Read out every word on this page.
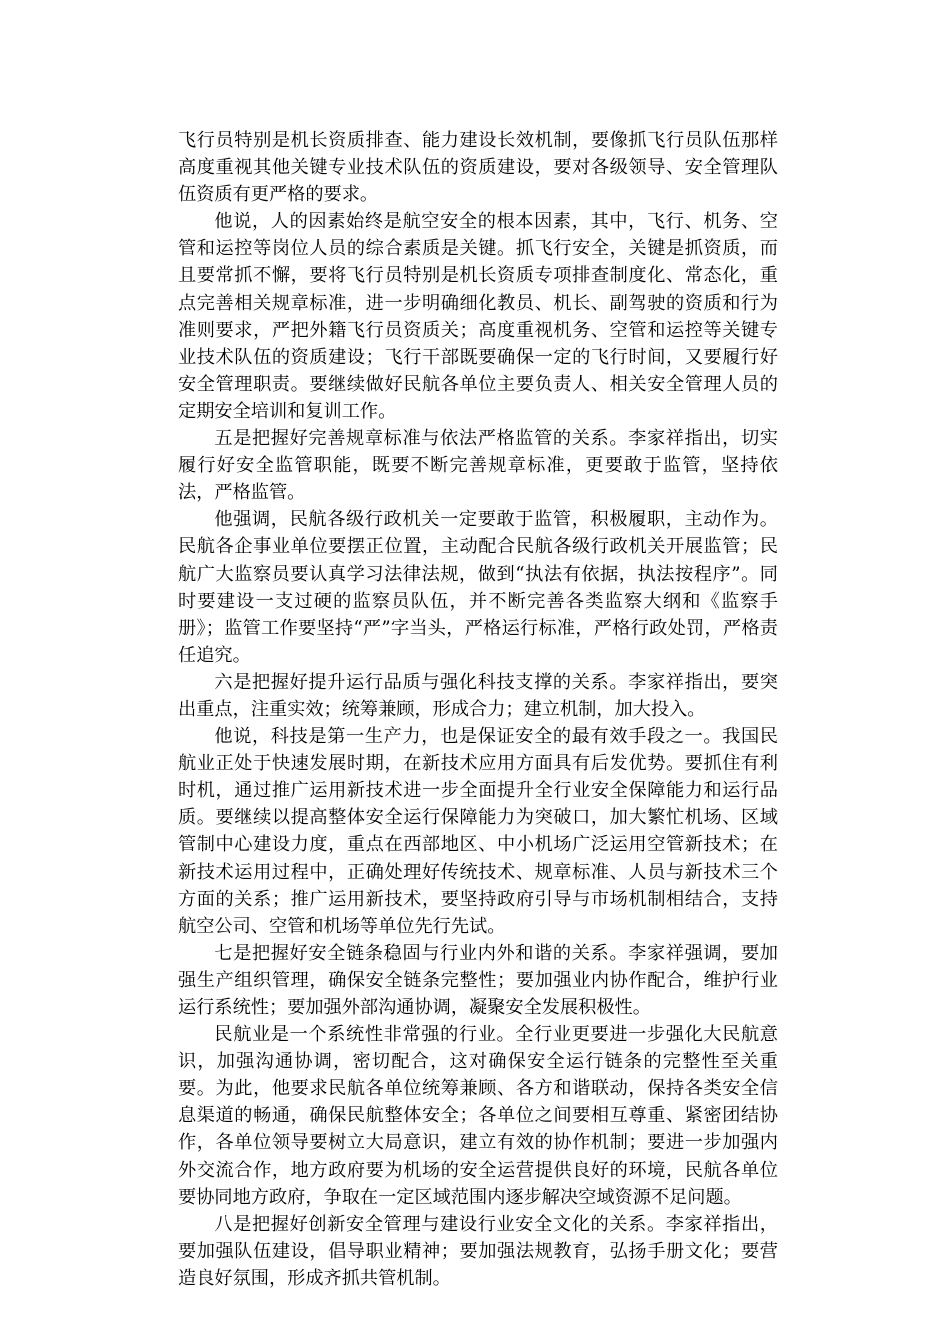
飞行员特别是机长资质排查、能力建设长效机制，要像抓飞行员队伍那样高度重视其他关键专业技术队伍的资质建设，要对各级领导、安全管理队伍资质有更严格的要求。

他说，人的因素始终是航空安全的根本因素，其中，飞行、机务、空管和运控等岗位人员的综合素质是关键。抓飞行安全，关键是抓资质，而且要常抓不懈，要将飞行员特别是机长资质专项排查制度化、常态化，重点完善相关规章标准，进一步明确细化教员、机长、副驾驶的资质和行为准则要求，严把外籍飞行员资质关；高度重视机务、空管和运控等关键专业技术队伍的资质建设；飞行干部既要确保一定的飞行时间，又要履行好安全管理职责。要继续做好民航各单位主要负责人、相关安全管理人员的定期安全培训和复训工作。

五是把握好完善规章标准与依法严格监管的关系。李家祥指出，切实履行好安全监管职能，既要不断完善规章标准，更要敢于监管，坚持依法，严格监管。

他强调，民航各级行政机关一定要敢于监管，积极履职，主动作为。民航各企事业单位要摆正位置，主动配合民航各级行政机关开展监管；民航广大监察员要认真学习法律法规，做到“执法有依据，执法按程序”。同时要建设一支过硬的监察员队伍，并不断完善各类监察大纲和《监察手册》；监管工作要坚持“严”字当头，严格运行标准，严格行政处罚，严格责任追究。

六是把握好提升运行品质与强化科技支撑的关系。李家祥指出，要突出重点，注重实效；统筹兼顾，形成合力；建立机制，加大投入。

他说，科技是第一生产力，也是保证安全的最有效手段之一。我国民航业正处于快速发展时期，在新技术应用方面具有后发优势。要抓住有利时机，通过推广运用新技术进一步全面提升全行业安全保障能力和运行品质。要继续以提高整体安全运行保障能力为突破口，加大繁忙机场、区域管制中心建设力度，重点在西部地区、中小机场广泛运用空管新技术；在新技术运用过程中，正确处理好传统技术、规章标准、人员与新技术三个方面的关系；推广运用新技术，要坚持政府引导与市场机制相结合，支持航空公司、空管和机场等单位先行先试。

七是把握好安全链条稳固与行业内外和谐的关系。李家祥强调，要加强生产组织管理，确保安全链条完整性；要加强业内协作配合，维护行业运行系统性；要加强外部沟通协调，凝聚安全发展积极性。

民航业是一个系统性非常强的行业。全行业更要进一步强化大民航意识，加强沟通协调，密切配合，这对确保安全运行链条的完整性至关重要。为此，他要求民航各单位统筹兼顾、各方和谐联动，保持各类安全信息渠道的畅通，确保民航整体安全；各单位之间要相互尊重、紧密团结协作，各单位领导要树立大局意识，建立有效的协作机制；要进一步加强内外交流合作，地方政府要为机场的安全运营提供良好的环境，民航各单位要协同地方政府，争取在一定区域范围内逐步解决空域资源不足问题。

八是把握好创新安全管理与建设行业安全文化的关系。李家祥指出，要加强队伍建设，倡导职业精神；要加强法规教育，弘扬手册文化；要营造良好氛围，形成齐抓共管机制。
